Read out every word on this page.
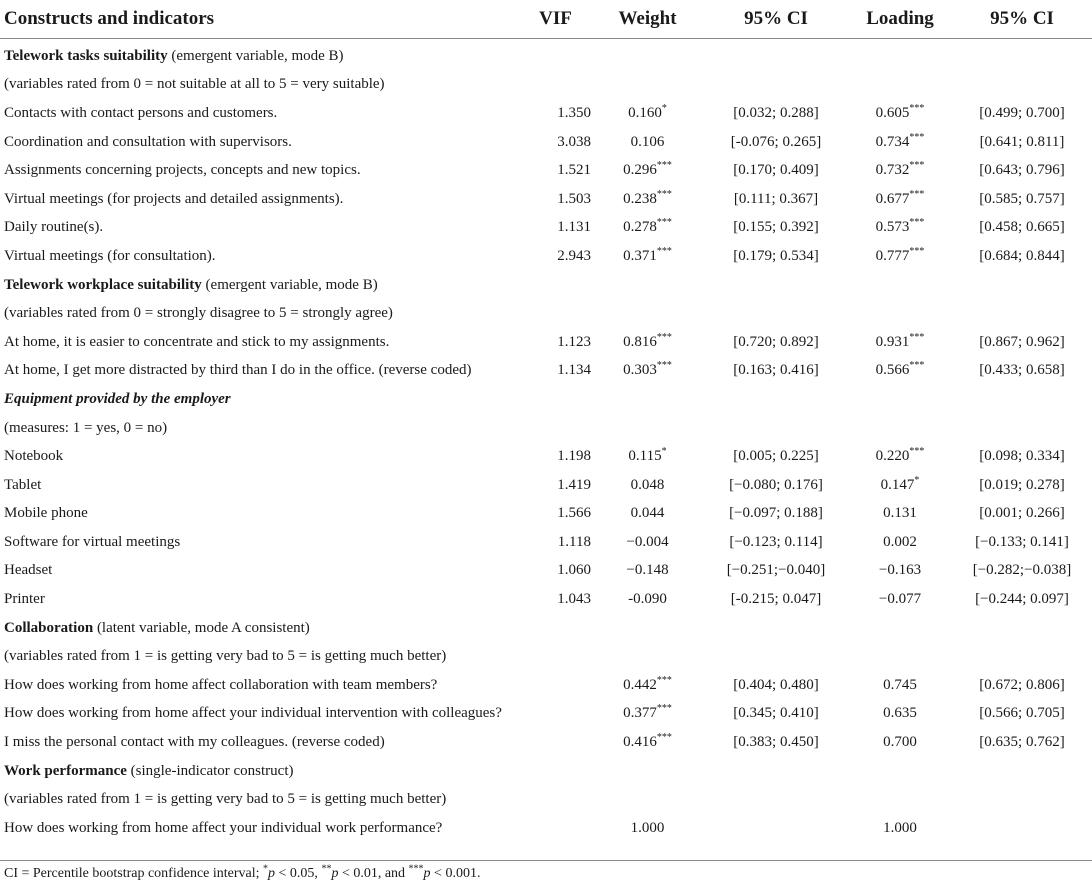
Constructs and indicators	VIF	Weight	95% CI	Loading	95% CI
Telework tasks suitability (emergent variable, mode B)					
(variables rated from 0 = not suitable at all to 5 = very suitable)					
Contacts with contact persons and customers.	1.350	0.160*	[0.032; 0.288]	0.605***	[0.499; 0.700]
Coordination and consultation with supervisors.	3.038	0.106	[-0.076; 0.265]	0.734***	[0.641; 0.811]
Assignments concerning projects, concepts and new topics.	1.521	0.296***	[0.170; 0.409]	0.732***	[0.643; 0.796]
Virtual meetings (for projects and detailed assignments).	1.503	0.238***	[0.111; 0.367]	0.677***	[0.585; 0.757]
Daily routine(s).	1.131	0.278***	[0.155; 0.392]	0.573***	[0.458; 0.665]
Virtual meetings (for consultation).	2.943	0.371***	[0.179; 0.534]	0.777***	[0.684; 0.844]
Telework workplace suitability (emergent variable, mode B)					
(variables rated from 0 = strongly disagree to 5 = strongly agree)					
At home, it is easier to concentrate and stick to my assignments.	1.123	0.816***	[0.720; 0.892]	0.931***	[0.867; 0.962]
At home, I get more distracted by third than I do in the office. (reverse coded)	1.134	0.303***	[0.163; 0.416]	0.566***	[0.433; 0.658]
Equipment provided by the employer					
(measures: 1 = yes, 0 = no)					
Notebook	1.198	0.115*	[0.005; 0.225]	0.220***	[0.098; 0.334]
Tablet	1.419	0.048	[−0.080; 0.176]	0.147*	[0.019; 0.278]
Mobile phone	1.566	0.044	[−0.097; 0.188]	0.131	[0.001; 0.266]
Software for virtual meetings	1.118	−0.004	[−0.123; 0.114]	0.002	[−0.133; 0.141]
Headset	1.060	−0.148	[−0.251;−0.040]	−0.163	[−0.282;−0.038]
Printer	1.043	-0.090	[-0.215; 0.047]	−0.077	[−0.244; 0.097]
Collaboration (latent variable, mode A consistent)					
(variables rated from 1 = is getting very bad to 5 = is getting much better)					
How does working from home affect collaboration with team members?		0.442***	[0.404; 0.480]	0.745	[0.672; 0.806]
How does working from home affect your individual intervention with colleagues?		0.377***	[0.345; 0.410]	0.635	[0.566; 0.705]
I miss the personal contact with my colleagues. (reverse coded)		0.416***	[0.383; 0.450]	0.700	[0.635; 0.762]
Work performance (single-indicator construct)					
(variables rated from 1 = is getting very bad to 5 = is getting much better)					
How does working from home affect your individual work performance?		1.000		1.000	
CI = Percentile bootstrap confidence interval; *p < 0.05, **p < 0.01, and ***p < 0.001.
